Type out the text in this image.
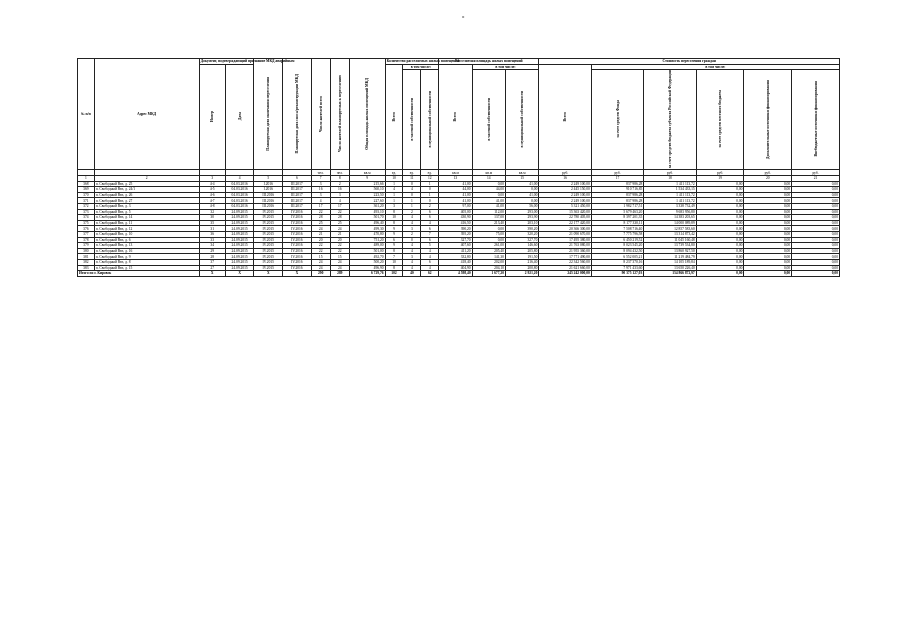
»
№ п/п	Адрес МКД	Документ, подтверждающий признание МКД аварийным		Планируемая дата окончания переселения	Планируемая дата сноса/реконструкции МКД	Число жителей всего	Число жителей планируемых к переселению	Общая площадь жилых помещений МКД	Количество расселяемых жилых помещений			Расселяемая площадь жилых помещений			Стоимость переселения граждан					
		Номер	Дата						Всего	в том числе:		Всего	в том числе:		Всего	в том числе:				
										в частной собственности	в муниципальной собственности		в частной собственности	в муниципальной собственности		за счет средств Фонда	за счет средств бюджета субъекта Российской Федерации	за счет средств местного бюджета	Дополнительные источники финансирования	Внебюджетные источники финансирования
						чел.	чел.	кв.м	ед.	ед.	ед.	кв.м	кв.м	кв.м	руб.	руб.	руб.	руб.	руб.	руб.
1	2	3	4	5	6	7	8	9	10	11	12	13	14	15	16	17	18	19	20	21
368	п. Свободный Ввз, д. 25	4-4	04.03.2016	I.2016	III.2017	3	2	215,66	1	0	1	41,00	0,00	41,00	2 249 100,00	837 986,28	1 411 113,72	0,00	0,00	0,00
369	п. Свободный Ввз, д. 24/1	4-5	04.03.2016	I.2016	III.2017	16	16	560,10	4	4	0	44,00	44,00	0,00	2 445 150,00	910 716,85	1 534 433,15	0,00	0,00	0,00
370	п. Свободный Ввз, д. 26	4-6	04.03.2016	III.2016	III.2017	3	3	223,50	1	0	1	41,00	0,00	41,00	2 249 100,00	837 986,28	1 411 113,72	0,00	0,00	0,00
371	п. Свободный Ввз, д. 27	4-7	04.03.2016	III.2016	III.2017	4	4	227,60	1	1	0	41,00	41,00	0,00	2 249 100,00	837 986,28	1 411 113,72	0,00	0,00	0,00
372	п. Свободный Ввз, д. 3	4-8	04.03.2016	III.2016	III.2017	17	17	361,20	3	1	2	97,00	41,00	56,00	5 321 450,00	1 982 717,51	3 338 732,49	0,00	0,00	0,00
373	п. Свободный Ввз, д. 5	32	24.09.2015	IV.2015	IV.2016	22	22	493,10	8	2	6	405,00	112,00	293,00	15 363 420,00	5 679 463,20	9 683 956,80	0,00	0,00	0,00
374	п. Свободный Ввз, д. 14	30	24.09.2015	IV.2015	IV.2016	28	28	501,70	10	4	6	430,90	137,00	293,90	22 780 405,00	8 397 201,35	14 383 203,65	0,00	0,00	0,00
375	п. Свободный Ввз, д. 11	35	24.09.2015	IV.2015	IV.2016	25	25	496,40	8	4	4	416,50	213,40	203,10	22 177 420,00	8 177 330,11	14 000 089,89	0,00	0,00	0,00
376	п. Свободный Ввз, д. 12	31	24.09.2015	IV.2015	IV.2016	24	24	499,30	9	3	6	390,20	0,00	390,20	20 366 300,00	7 508 716,40	12 857 583,60	0,00	0,00	0,00
377	п. Свободный Ввз, д. 10	36	24.09.2015	IV.2015	IV.2016	21	21	470,80	9	2	7	395,20	75,00	320,20	21 090 670,00	7 775 796,58	13 314 873,42	0,00	0,00	0,00
378	п. Свободный Ввз, д. 6	33	24.09.2015	IV.2015	IV.2016	20	20	751,20	6	0	6	327,70	0,00	327,70	17 495 380,00	6 450 219,52	11 045 160,48	0,00	0,00	0,00
379	п. Свободный Ввз, д. 13	34	24.09.2015	IV.2015	IV.2016	22	22	489,00	9	4	5	407,60	261,00	146,60	21 763 080,00	8 023 545,20	13 739 534,80	0,00	0,00	0,00
380	п. Свободный Ввз, д. 16	29	24.09.2015	IV.2015	IV.2016	22	22	501,00	8	4	4	411,20	205,40	205,80	21 955 360,00	8 094 432,50	13 860 927,50	0,00	0,00	0,00
381	п. Свободный Ввз, д. 9	28	24.09.2015	IV.2015	IV.2016	15	15	492,70	7	3	4	332,80	141,30	191,50	17 771 490,00	6 552 005,21	11 219 484,79	0,00	0,00	0,00
382	п. Свободный Ввз, д. 8	37	24.09.2015	IV.2015	IV.2016	24	24	500,20	10	4	6	418,40	202,00	216,40	22 342 560,00	8 237 370,16	14 105 189,84	0,00	0,00	0,00
383	п. Свободный Ввз, д. 15	27	24.09.2015	IV.2015	IV.2016	24	24	496,90	8	4	4	404,90	204,10	200,80	21 621 660,00	7 971 433,60	13 650 226,40	0,00	0,00	0,00
Итого по г. Кировск		X	X	X	X	290	289	6 729,76	102	40	62	4 598,40	1 677,20	2 921,20	245 242 000,00	90 375 127,03	154 866 872,97	0,00	0,00	0,00
